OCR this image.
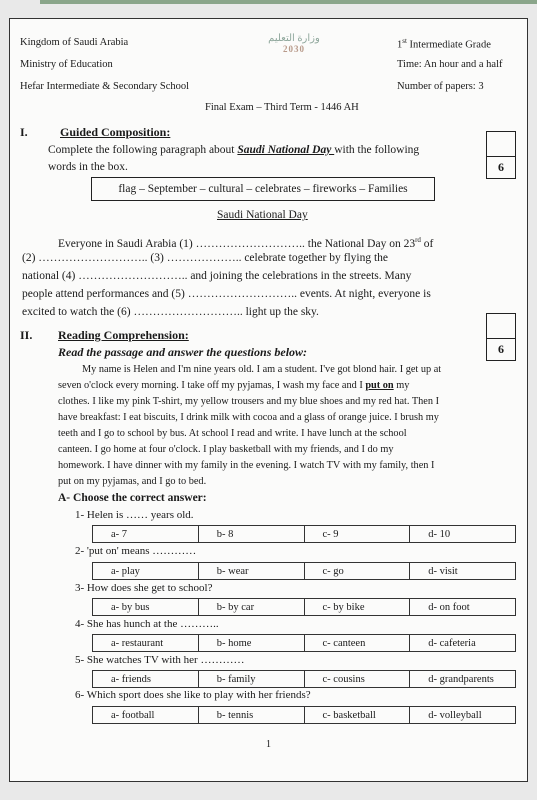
Kingdom of Saudi Arabia
Ministry of Education
Hefar Intermediate & Secondary School
وزارة التعليم
2030	1st Intermediate Grade
Time: An hour and a half
Number of papers: 3
Final Exam – Third Term - 1446 AH
I.	Guided Composition:
Complete the following paragraph about Saudi National Day with the following
words in the box.	6
flag – September – cultural – celebrates – fireworks – Families
Saudi National Day
Everyone in Saudi Arabia (1) ……………………….. the National Day on 23rd of
(2) ……………………….. (3) ……………….. celebrate together by flying the
national (4) ……………………….. and joining the celebrations in the streets. Many
people attend performances and (5) ……………………….. events. At night, everyone is
excited to watch the (6) ……………………….. light up the sky.
II. Reading Comprehension:
Read the passage and answer the questions below:	6
My name is Helen and I'm nine years old. I am a student. I've got blond hair. I get up at
seven o'clock every morning. I take off my pyjamas, I wash my face and I put on my
clothes. I like my pink T-shirt, my yellow trousers and my blue shoes and my red hat. Then I
have breakfast: I eat biscuits, I drink milk with cocoa and a glass of orange juice. I brush my
teeth and I go to school by bus. At school I read and write. I have lunch at the school
canteen. I go home at four o'clock. I play basketball with my friends, and I do my
homework. I have dinner with my family in the evening. I watch TV with my family, then I
put on my pyjamas, and I go to bed.
A- Choose the correct answer:
1- Helen is …… years old.
a- 7	b- 8	c- 9	d- 10
2- 'put on' means …………
a- play	b- wear	c- go	d- visit
3- How does she get to school?
a- by bus	b- by car	c- by bike	d- on foot
4- She has hunch at the ………..
a- restaurant	b- home	c- canteen	d- cafeteria
5- She watches TV with her …………
a- friends	b- family	c- cousins	d- grandparents
6- Which sport does she like to play with her friends?
a- football	b- tennis	c- basketball	d- volleyball
1
